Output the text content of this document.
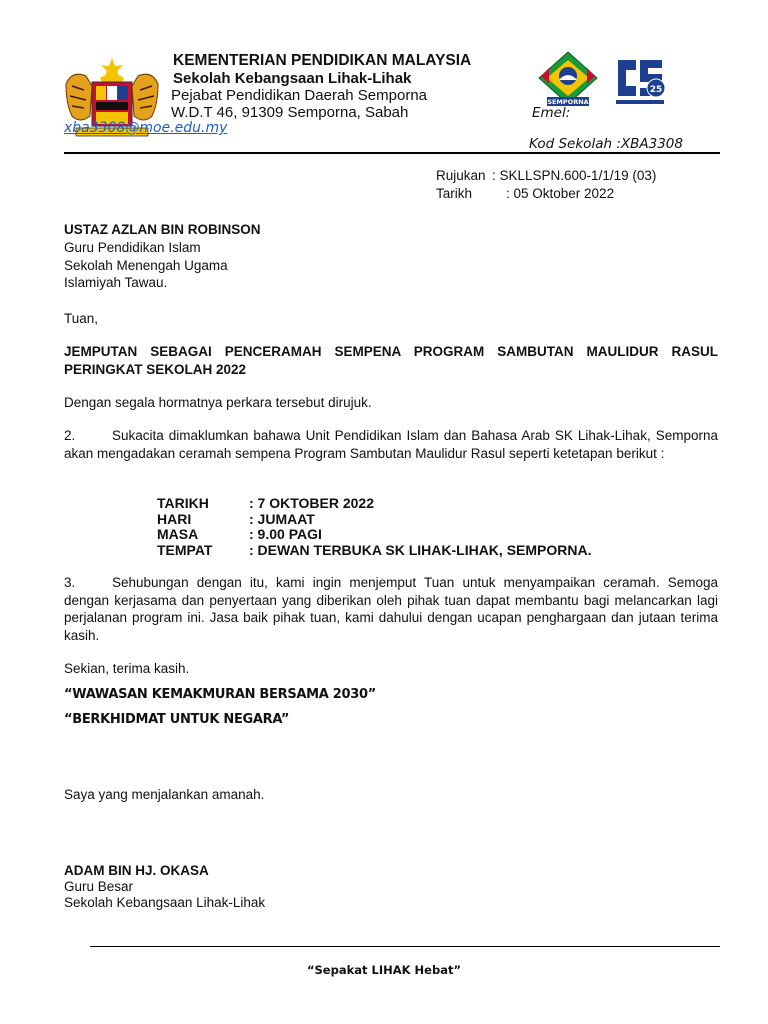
SEMPORNA
25
KEMENTERIAN PENDIDIKAN MALAYSIA
Sekolah Kebangsaan Lihak-Lihak
Pejabat Pendidikan Daerah Semporna
W.D.T 46, 91309 Semporna, Sabah	Emel:
xba3308@moe.edu.my
Kod Sekolah :XBA3308
Rujukan : SKLLSPN.600-1/1/19 (03)
Tarikh	: 05 Oktober 2022
USTAZ AZLAN BIN ROBINSON
Guru Pendidikan Islam
Sekolah Menengah Ugama
Islamiyah Tawau.
Tuan,
JEMPUTAN SEBAGAI PENCERAMAH SEMPENA PROGRAM SAMBUTAN MAULIDUR RASUL PERINGKAT SEKOLAH 2022
Dengan segala hormatnya perkara tersebut dirujuk.
2.	Sukacita dimaklumkan bahawa Unit Pendidikan Islam dan Bahasa Arab SK Lihak-Lihak, Semporna akan mengadakan ceramah sempena Program Sambutan Maulidur Rasul seperti ketetapan berikut :
TARIKH	: 7 OKTOBER 2022
HARI	: JUMAAT
MASA	: 9.00 PAGI
TEMPAT	: DEWAN TERBUKA SK LIHAK-LIHAK, SEMPORNA.
3.	Sehubungan dengan itu, kami ingin menjemput Tuan untuk menyampaikan ceramah. Semoga dengan kerjasama dan penyertaan yang diberikan oleh pihak tuan dapat membantu bagi melancarkan lagi perjalanan program ini. Jasa baik pihak tuan, kami dahului dengan ucapan penghargaan dan jutaan terima kasih.
Sekian, terima kasih.
“WAWASAN KEMAKMURAN BERSAMA 2030”
“BERKHIDMAT UNTUK NEGARA”
Saya yang menjalankan amanah.
ADAM BIN HJ. OKASA
Guru Besar
Sekolah Kebangsaan Lihak-Lihak
“Sepakat LIHAK Hebat”
